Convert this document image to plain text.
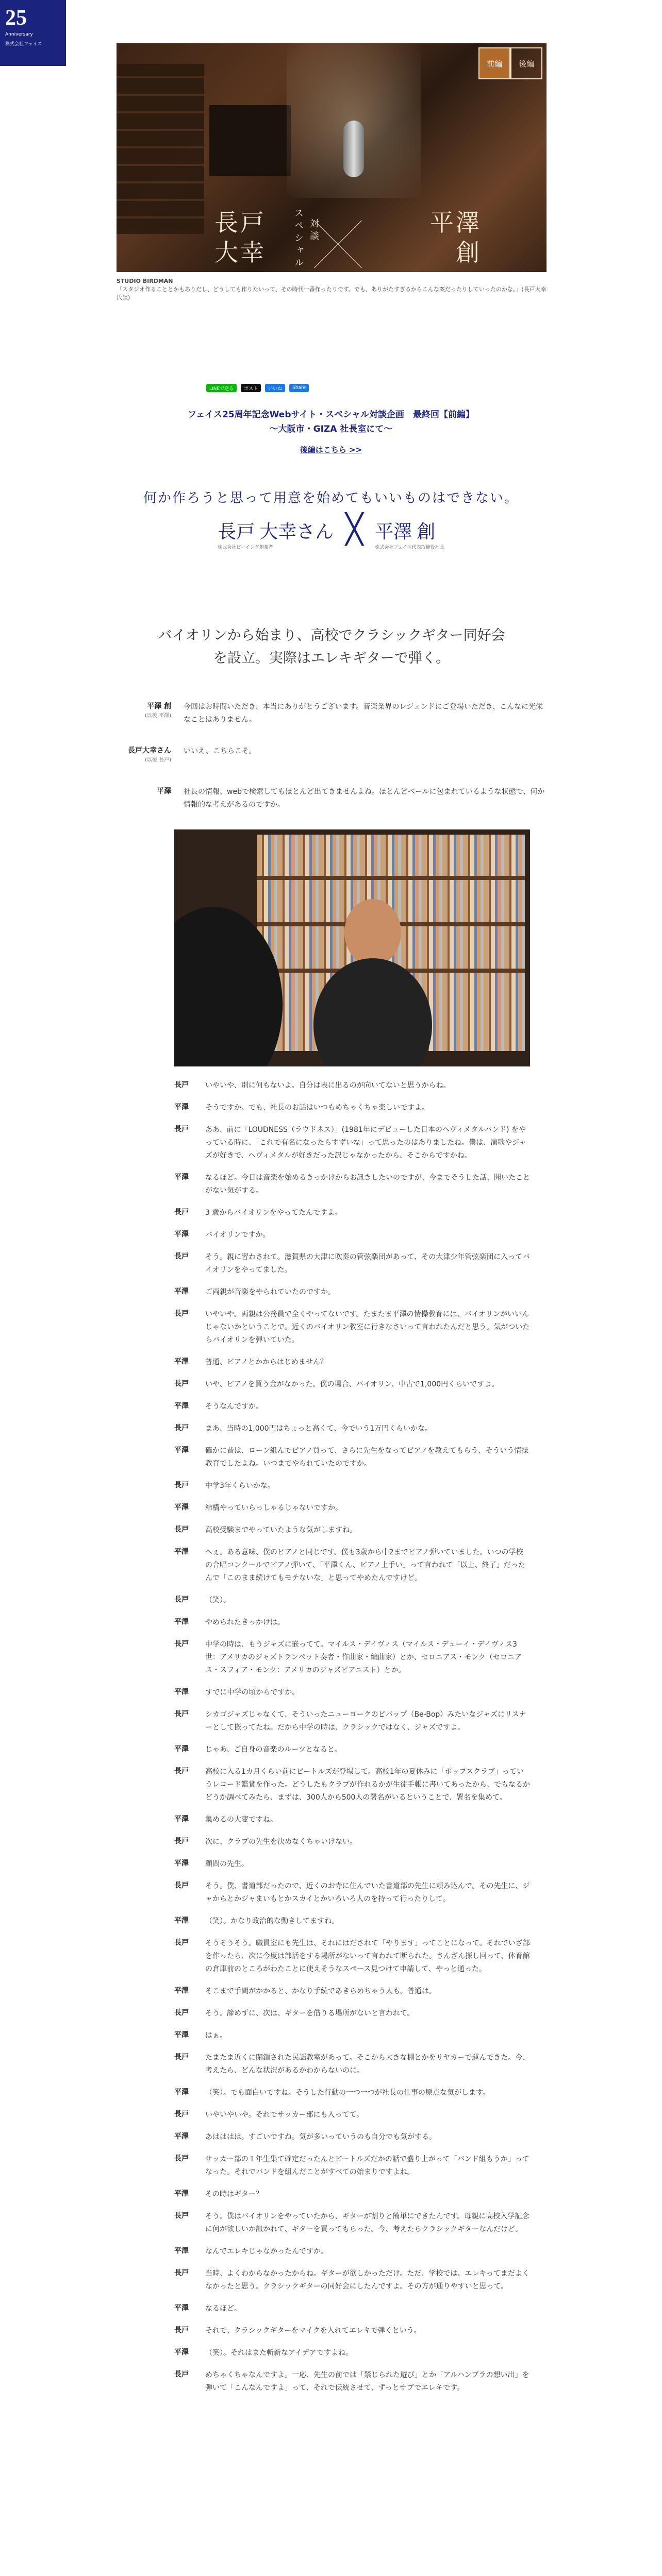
25
Anniversary
株式会社フェイス
前編	後編
長戸
大幸	スペシャル 対談	平澤
創
STUDIO BIRDMAN
「スタジオ作ることとかもありだし、どうしても作りたいって、その時代一番作ったりです。でも、ありがたすぎるからこんな案だったりしていったのかな。」(長戸大幸氏談)
LINEで送る	ポスト	いいね	Share
フェイス25周年記念Webサイト・スペシャル対談企画　最終回【前編】
〜大阪市・GIZA 社長室にて〜
後編はこちら >>
何か作ろうと思って用意を始めてもいいものはできない。
長戸 大幸さん
株式会社ビーイング創業者
╳ 平澤 創
株式会社フェイス代表取締役社長
バイオリンから始まり、高校でクラシックギター同好会
を設立。実際はエレキギターで弾く。
平澤 創
(以後 平澤)
今回はお時間いただき、本当にありがとうございます。音楽業界のレジェンドにご登場いただき、こんなに光栄なことはありません。
長戸大幸さん
(以後 長戸)
いいえ、こちらこそ。
平澤	社長の情報、webで検索してもほとんど出てきませんよね。ほとんどベールに包まれているような状態で、何か情報的な考えがあるのですか。
長戸	いやいや、別に何もないよ。自分は表に出るのが向いてないと思うからね。
平澤	そうですか。でも、社長のお話はいつもめちゃくちゃ楽しいですよ。
長戸	ああ、前に「LOUDNESS（ラウドネス）」(1981年にデビューした日本のヘヴィメタルバンド) をやっている時に、「これで有名になったらすずいな」って思ったのはありましたね。僕は、演歌やジャズが好きで、ヘヴィメタルが好きだった訳じゃなかったから、そこからですかね。
平澤	なるほど。今日は音楽を始めるきっかけからお訊きしたいのですが、今までそうした話、聞いたことがない気がする。
長戸	3 歳からバイオリンをやってたんですよ。
平澤	バイオリンですか。
長戸	そう。親に習わされて。滋賀県の大津に吹奏の管弦楽団があって、その大津少年管弦楽団に入ってバイオリンをやってました。
平澤	ご両親が音楽をやられていたのですか。
長戸	いやいや。両親は公務員で全くやってないです。たまたま平澤の情操教育には、バイオリンがいいんじゃないかということで。近くのバイオリン教室に行きなさいって言われたんだと思う。気がついたらバイオリンを弾いていた。
平澤	普通、ピアノとかからはじめません？
長戸	いや、ピアノを買う金がなかった。僕の場合、バイオリン、中古で1,000円くらいですよ。
平澤	そうなんですか。
長戸	まあ、当時の1,000円はちょっと高くて、今でいう1万円くらいかな。
平澤	確かに昔は、ローン組んでピアノ買って、さらに先生をなってピアノを教えてもらう、そういう情操教育でしたよね。いつまでやられていたのですか。
長戸	中学3年くらいかな。
平澤	結構やっていらっしゃるじゃないですか。
長戸	高校受験までやっていたような気がしますね。
平澤	へぇ。ある意味、僕のピアノと同じです。僕も3歳から中2までピアノ弾いていました。いつの学校の合唱コンクールでピアノ弾いて、「平澤くん、ピアノ上手い」って言われて「以上、終了」だったんで「このまま続けてもモテないな」と思ってやめたんですけど。
長戸	（笑）。
平澤	やめられたきっかけは。
長戸	中学の時は、もうジャズに嵌ってて。マイルス・デイヴィス（マイルス・デューイ・デイヴィス3世：アメリカのジャズトランペット奏者・作曲家・編曲家）とか、セロニアス・モンク（セロニアス・スフィア・モンク：アメリカのジャズピアニスト）とか。
平澤	すでに中学の頃からですか。
長戸	シカゴジャズじゃなくて、そういったニューヨークのビバップ（Be-Bop）みたいなジャズにリスナーとして嵌ってたね。だから中学の時は、クラシックではなく、ジャズですよ。
平澤	じゃあ、ご自身の音楽のルーツとなると。
長戸	高校に入る1カ月くらい前にビートルズが登場して。高校1年の夏休みに「ポップスクラブ」っていうレコード鑑賞を作った。どうしたもクラブが作れるかが生徒手帳に書いてあったから、でもなるかどうか調べてみたら、まずは、300人から500人の署名がいるということで、署名を集めて。
平澤	集めるの大変ですね。
長戸	次に、クラブの先生を決めなくちゃいけない。
平澤	顧問の先生。
長戸	そう。僕、書道部だったので、近くのお寺に住んでいた書道部の先生に頼み込んで。その先生に、ジャからとかジャまいもとかスカイとかいろいろ人のを持って行ったりして。
平澤	（笑）。かなり政治的な動きしてますね。
長戸	そうそうそう。職員室にも先生は、それにはだされて「やります」ってことになって。それでいざ部を作ったら、次に今度は部活をする場所がないって言われて断られた。さんざん探し回って、体育館の倉庫前のところがわたことに使えそうなスペース見つけて申請して、やっと通った。
平澤	そこまで手間がかかると、かなり手続であきらめちゃう人も。普通は。
長戸	そう。諦めずに、次は、ギターを借りる場所がないと言われて。
平澤	はぁ。
長戸	たまたま近くに閉鎖された民謡教室があって。そこから大きな棚とかをリヤカーで運んできた。今、考えたら、どんな状況があるかわからないのに。
平澤	（笑）。でも面白いですね。そうした行動の一つ一つが社長の仕事の原点な気がします。
長戸	いやいやいや。それでサッカー部にも入ってて。
平澤	あはははは。すごいですね。気が多いっていうのも自分でも気がする。
長戸	サッカー部の１年生集て確定だったんとビートルズだかの話で盛り上がって「バンド組もうか」ってなった。それでバンドを組んだことがすべての始まりですよね。
平澤	その時はギター？
長戸	そう。僕はバイオリンをやっていたから、ギターが割りと簡単にできたんです。母親に高校入学記念に何が欲しいか訊かれて、ギターを買ってもらった。今、考えたらクラシックギターなんだけど。
平澤	なんでエレキじゃなかったんですか。
長戸	当時、よくわからなかったからね。ギターが欲しかっただけ。ただ、学校では、エレキってまだよくなかったと思う。クラシックギターの同好会にしたんですよ。その方が通りやすいと思って。
平澤	なるほど。
長戸	それで、クラシックギターをマイクを入れてエレキで弾くという。
平澤	（笑）。それはまた斬新なアイデアですよね。
長戸	めちゃくちゃなんですよ。一応、先生の前では「禁じられた遊び」とか「アルハンブラの想い出」を弾いて「こんなんですよ」って、それで伝統させて、ずっとサブでエレキです。
